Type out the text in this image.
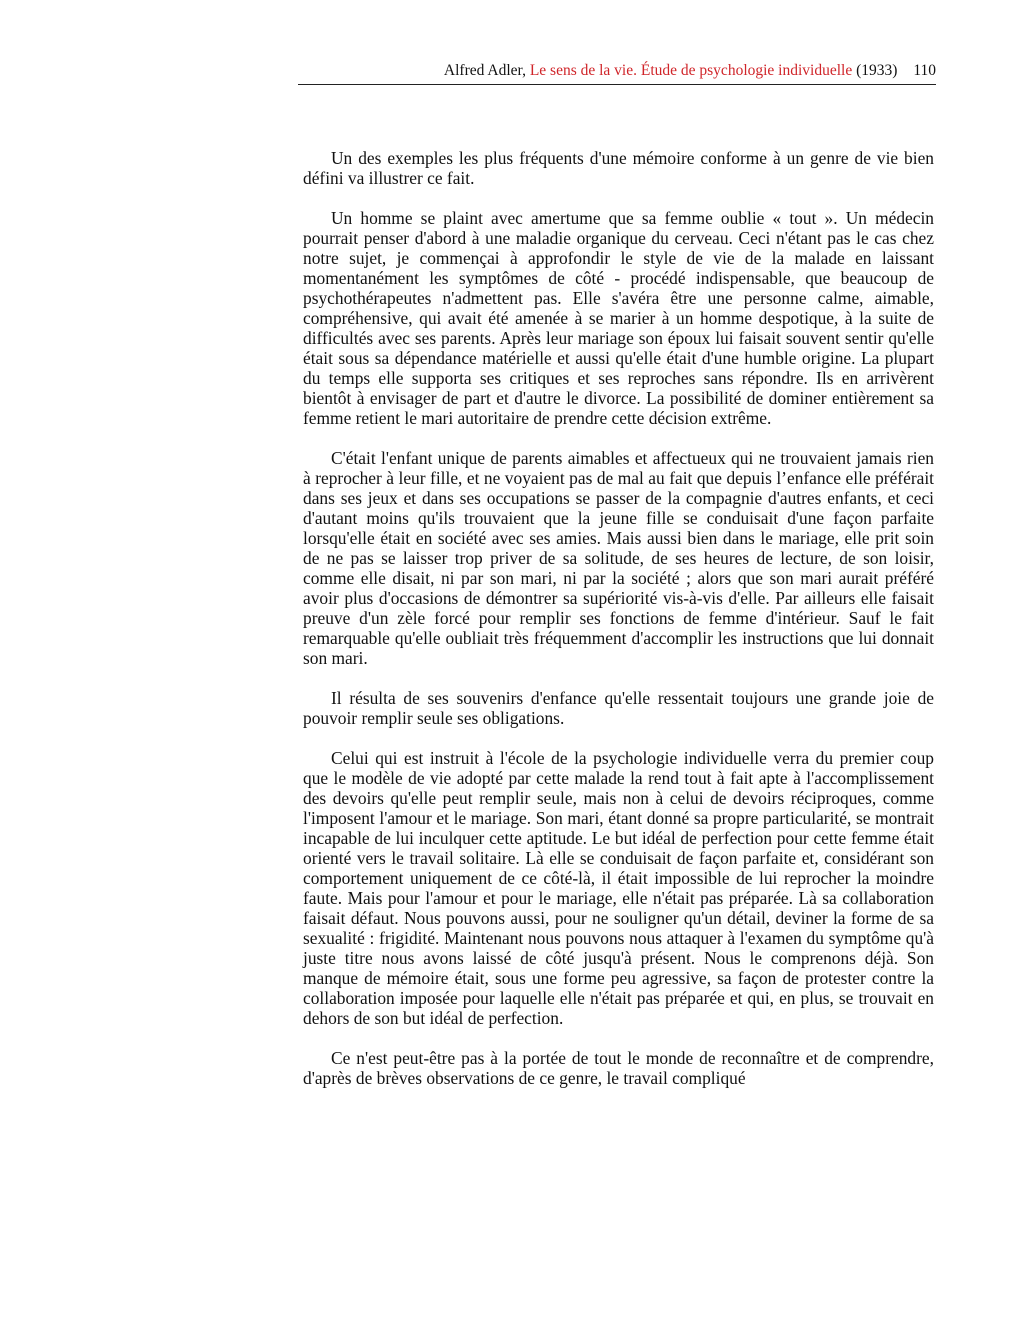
Alfred Adler, Le sens de la vie. Étude de psychologie individuelle (1933) 110

Un des exemples les plus fréquents d'une mémoire conforme à un genre de vie bien défini va illustrer ce fait.

Un homme se plaint avec amertume que sa femme oublie « tout ». Un médecin pourrait penser d'abord à une maladie organique du cerveau. Ceci n'étant pas le cas chez notre sujet, je commençai à approfondir le style de vie de la malade en laissant momentanément les symptômes de côté - procédé indispensable, que beaucoup de psychothérapeutes n'admettent pas. Elle s'avéra être une personne calme, aimable, compréhensive, qui avait été amenée à se marier à un homme despotique, à la suite de difficultés avec ses parents. Après leur mariage son époux lui faisait souvent sentir qu'elle était sous sa dépendance matérielle et aussi qu'elle était d'une humble origine. La plupart du temps elle supporta ses critiques et ses reproches sans répondre. Ils en arrivèrent bientôt à envisager de part et d'autre le divorce. La possibilité de dominer entièrement sa femme retient le mari autoritaire de prendre cette décision extrême.

C'était l'enfant unique de parents aimables et affectueux qui ne trouvaient jamais rien à reprocher à leur fille, et ne voyaient pas de mal au fait que depuis l’enfance elle préférait dans ses jeux et dans ses occupations se passer de la compagnie d'autres enfants, et ceci d'autant moins qu'ils trouvaient que la jeune fille se conduisait d'une façon parfaite lorsqu'elle était en société avec ses amies. Mais aussi bien dans le mariage, elle prit soin de ne pas se laisser trop priver de sa solitude, de ses heures de lecture, de son loisir, comme elle disait, ni par son mari, ni par la société ; alors que son mari aurait préféré avoir plus d'occasions de démontrer sa supériorité vis-à-vis d'elle. Par ailleurs elle faisait preuve d'un zèle forcé pour remplir ses fonctions de femme d'intérieur. Sauf le fait remarquable qu'elle oubliait très fréquemment d'accomplir les instructions que lui donnait son mari.

Il résulta de ses souvenirs d'enfance qu'elle ressentait toujours une grande joie de pouvoir remplir seule ses obligations.

Celui qui est instruit à l'école de la psychologie individuelle verra du premier coup que le modèle de vie adopté par cette malade la rend tout à fait apte à l'accomplissement des devoirs qu'elle peut remplir seule, mais non à celui de devoirs réciproques, comme l'imposent l'amour et le mariage. Son mari, étant donné sa propre particularité, se montrait incapable de lui inculquer cette aptitude. Le but idéal de perfection pour cette femme était orienté vers le travail solitaire. Là elle se conduisait de façon parfaite et, considérant son comportement uniquement de ce côté-là, il était impossible de lui reprocher la moindre faute. Mais pour l'amour et pour le mariage, elle n'était pas préparée. Là sa collaboration faisait défaut. Nous pouvons aussi, pour ne souligner qu'un détail, deviner la forme de sa sexualité : frigidité. Maintenant nous pouvons nous attaquer à l'examen du symptôme qu'à juste titre nous avons laissé de côté jusqu'à présent. Nous le comprenons déjà. Son manque de mémoire était, sous une forme peu agressive, sa façon de protester contre la collaboration imposée pour laquelle elle n'était pas préparée et qui, en plus, se trouvait en dehors de son but idéal de perfection.

Ce n'est peut-être pas à la portée de tout le monde de reconnaître et de comprendre, d'après de brèves observations de ce genre, le travail compliqué
